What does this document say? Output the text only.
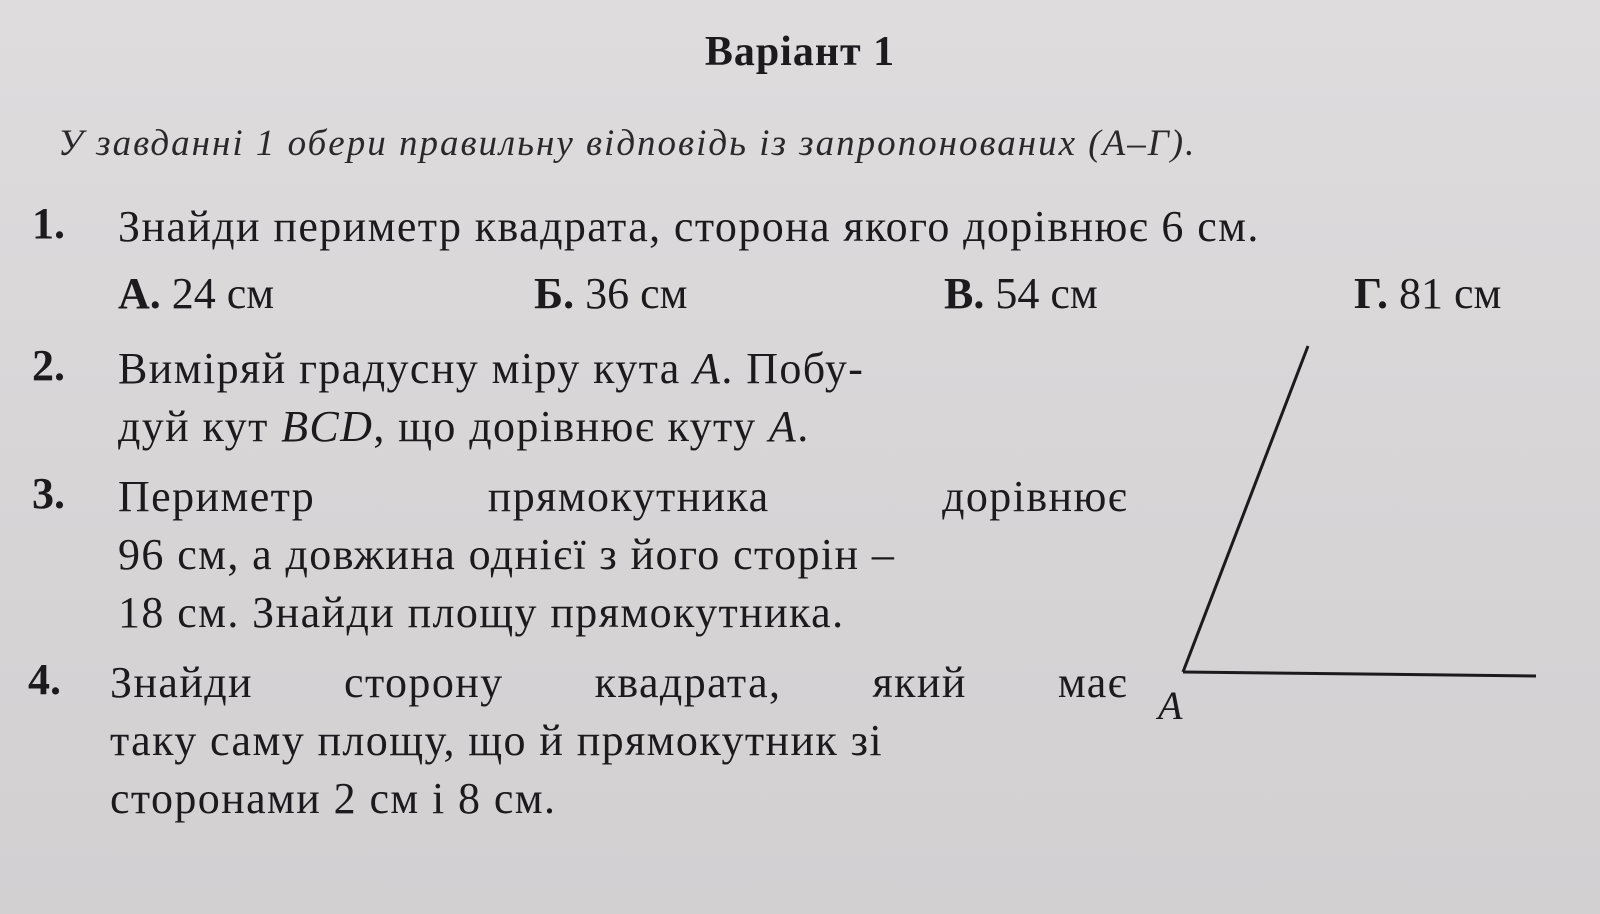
Варіант 1
У завданні 1 обери правильну відповідь із запропонованих (А–Г).
1. Знайди периметр квадрата, сторона якого дорівнює 6 см.
А. 24 см	Б. 36 см	В. 54 см	Г. 81 см
2. Виміряй градусну міру кута A. Побу-
дуй кут BCD, що дорівнює куту A.
3. Периметр	прямокутника	дорівнює
96 см, а довжина однієї з його сторін –
18 см. Знайди площу прямокутника.
4. Знайди сторону квадрата, який має
таку саму площу, що й прямокутник зі
сторонами 2 см і 8 см.
A
